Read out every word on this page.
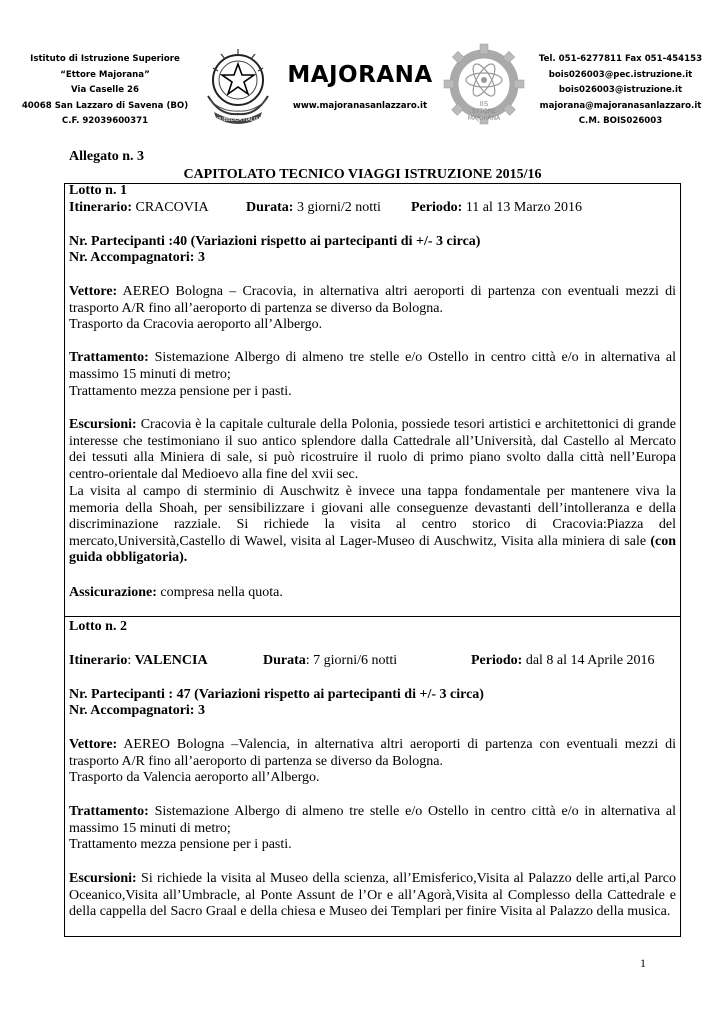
Istituto di Istruzione Superiore
“Ettore Majorana”
Via Caselle 26
40068 San Lazzaro di Savena (BO)
C.F. 92039600371	REPUBBLICA ITALIANA
MAJORANA
www.majoranasanlazzaro.it	IIS
ETTORE
MAJORANA
Tel. 051-6277811 Fax 051-454153
bois026003@pec.istruzione.it
bois026003@istruzione.it
majorana@majoranasanlazzaro.it
C.M. BOIS026003
Allegato n. 3
CAPITOLATO TECNICO VIAGGI ISTRUZIONE 2015/16
Lotto n. 1
Itinerario: CRACOVIA	Durata: 3 giorni/2 notti Periodo: 11 al 13 Marzo 2016
Nr. Partecipanti :40 (Variazioni rispetto ai partecipanti di +/- 3 circa)
Nr. Accompagnatori: 3
Vettore: AEREO Bologna – Cracovia, in alternativa altri aeroporti di partenza con eventuali mezzi di trasporto A/R fino all’aeroporto di partenza se diverso da Bologna.
Trasporto da Cracovia aeroporto all’Albergo.
Trattamento: Sistemazione Albergo di almeno tre stelle e/o Ostello in centro città e/o in alternativa al massimo 15 minuti di metro;
Trattamento mezza pensione per i pasti.
Escursioni: Cracovia è la capitale culturale della Polonia, possiede tesori artistici e architettonici di grande interesse che testimoniano il suo antico splendore dalla Cattedrale all’Università, dal Castello al Mercato dei tessuti alla Miniera di sale, si può ricostruire il ruolo di primo piano svolto dalla città nell’Europa centro-orientale dal Medioevo alla fine del xvii sec.
La visita al campo di sterminio di Auschwitz è invece una tappa fondamentale per mantenere viva la memoria della Shoah, per sensibilizzare i giovani alle conseguenze devastanti dell’intolleranza e della discriminazione razziale. Si richiede la visita al centro storico di Cracovia:Piazza del mercato,Università,Castello di Wawel, visita al Lager-Museo di Auschwitz, Visita alla miniera di sale (con guida obbligatoria).
Assicurazione: compresa nella quota.
Lotto n. 2
Itinerario: VALENCIA	Durata: 7 giorni/6 notti	Periodo: dal 8 al 14 Aprile 2016
Nr. Partecipanti : 47 (Variazioni rispetto ai partecipanti di +/- 3 circa)
Nr. Accompagnatori: 3
Vettore: AEREO Bologna –Valencia, in alternativa altri aeroporti di partenza con eventuali mezzi di trasporto A/R fino all’aeroporto di partenza se diverso da Bologna.
Trasporto da Valencia aeroporto all’Albergo.
Trattamento: Sistemazione Albergo di almeno tre stelle e/o Ostello in centro città e/o in alternativa al massimo 15 minuti di metro;
Trattamento mezza pensione per i pasti.
Escursioni: Si richiede la visita al Museo della scienza, all’Emisferico,Visita al Palazzo delle arti,al Parco Oceanico,Visita all’Umbracle, al Ponte Assunt de l’Or e all’Agorà,Visita al Complesso della Cattedrale e della cappella del Sacro Graal e della chiesa e Museo dei Templari per finire Visita al Palazzo della musica.
1
